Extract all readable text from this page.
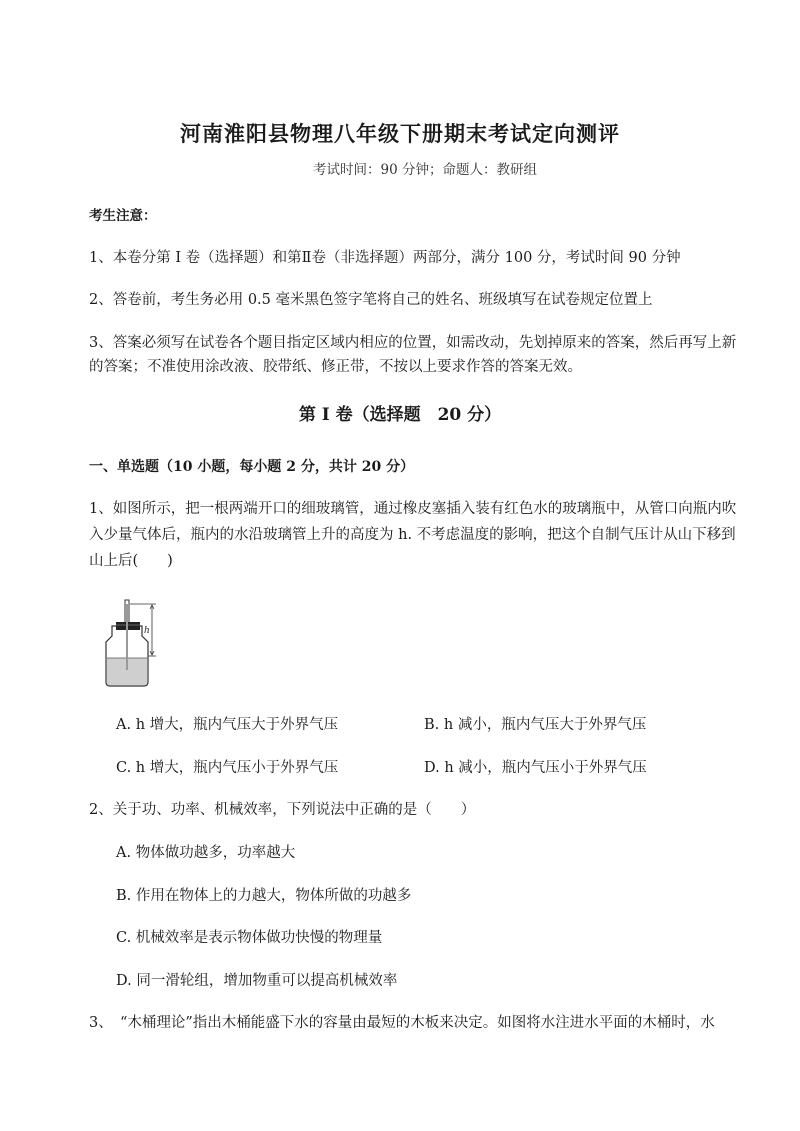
河南淮阳县物理八年级下册期末考试定向测评
考试时间：90 分钟；命题人：教研组
考生注意：
1、本卷分第 I 卷（选择题）和第Ⅱ卷（非选择题）两部分，满分 100 分，考试时间 90 分钟
2、答卷前，考生务必用 0.5 毫米黑色签字笔将自己的姓名、班级填写在试卷规定位置上
3、答案必须写在试卷各个题目指定区域内相应的位置，如需改动，先划掉原来的答案，然后再写上新
的答案；不准使用涂改液、胶带纸、修正带，不按以上要求作答的答案无效。
第 I 卷（选择题　20 分）
一、单选题（10 小题，每小题 2 分，共计 20 分）
1、如图所示，把一根两端开口的细玻璃管，通过橡皮塞插入装有红色水的玻璃瓶中，从管口向瓶内吹
入少量气体后，瓶内的水沿玻璃管上升的高度为 h. 不考虑温度的影响，把这个自制气压计从山下移到
山上后(　　)
h
A. h 增大，瓶内气压大于外界气压	B. h 减小，瓶内气压大于外界气压
C. h 增大，瓶内气压小于外界气压	D. h 减小，瓶内气压小于外界气压
2、关于功、功率、机械效率，下列说法中正确的是（　　）
A. 物体做功越多，功率越大
B. 作用在物体上的力越大，物体所做的功越多
C. 机械效率是表示物体做功快慢的物理量
D. 同一滑轮组，增加物重可以提高机械效率
3、　“木桶理论”指出木桶能盛下水的容量由最短的木板来决定。如图将水注进水平面的木桶时，水
